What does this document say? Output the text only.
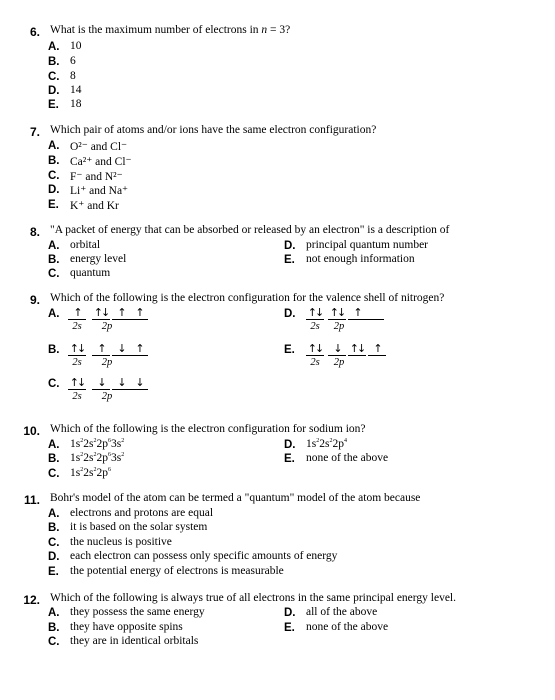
6. What is the maximum number of electrons in n = 3?
A. 10
B. 6
C. 8
D. 14
E. 18
7. Which pair of atoms and/or ions have the same electron configuration?
A. O²⁻ and Cl⁻
B. Ca²⁺ and Cl⁻
C. F⁻ and N²⁻
D. Li⁺ and Na⁺
E. K⁺ and Kr
8. "A packet of energy that can be absorbed or released by an electron" is a description of
A. orbital
B. energy level
C. quantum
D. principal quantum number
E. not enough information
9. Which of the following is the electron configuration for the valence shell of nitrogen?
A.	↑	↑↓ ↑ ↑
2s	2p
B. ↑↓	↑	↓ ↑
2s	2p
C. ↑↓	↓	↓ ↓
2s	2p
D. ↑↓ ↑↓ ↑
2s	2p
E. ↑↓	↓ ↑↓ ↑
2s	2p
10. Which of the following is the electron configuration for sodium ion?
A. $1s^22s^22p^63s^2$
B. $1s^22s^22p^63s^2$
C. $1s^22s^22p^6$
D. $1s^22s^22p^4$
E. none of the above
11. Bohr's model of the atom can be termed a "quantum" model of the atom because
A. electrons and protons are equal
B. it is based on the solar system
C. the nucleus is positive
D. each electron can possess only specific amounts of energy
E. the potential energy of electrons is measurable
12. Which of the following is always true of all electrons in the same principal energy level.
A. they possess the same energy
B. they have opposite spins
C. they are in identical orbitals
D. all of the above
E. none of the above
